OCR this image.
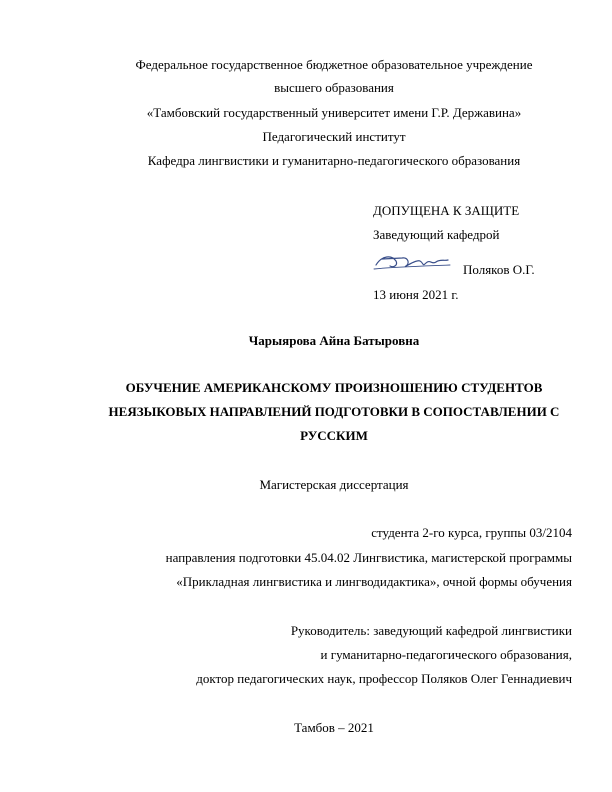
Федеральное государственное бюджетное образовательное учреждение
высшего образования
«Тамбовский государственный университет имени Г.Р. Державина»
Педагогический институт
Кафедра лингвистики и гуманитарно-педагогического образования
ДОПУЩЕНА К ЗАЩИТЕ
Заведующий кафедрой
Поляков О.Г.
13 июня 2021 г.
Чарыярова Айна Батыровна
ОБУЧЕНИЕ АМЕРИКАНСКОМУ ПРОИЗНОШЕНИЮ СТУДЕНТОВ
НЕЯЗЫКОВЫХ НАПРАВЛЕНИЙ ПОДГОТОВКИ В СОПОСТАВЛЕНИИ С
РУССКИМ
Магистерская диссертация
студента 2-го курса, группы 03/2104
направления подготовки 45.04.02 Лингвистика, магистерской программы
«Прикладная лингвистика и лингводидактика», очной формы обучения
Руководитель: заведующий кафедрой лингвистики
и гуманитарно-педагогического образования,
доктор педагогических наук, профессор Поляков Олег Геннадиевич
Тамбов – 2021
